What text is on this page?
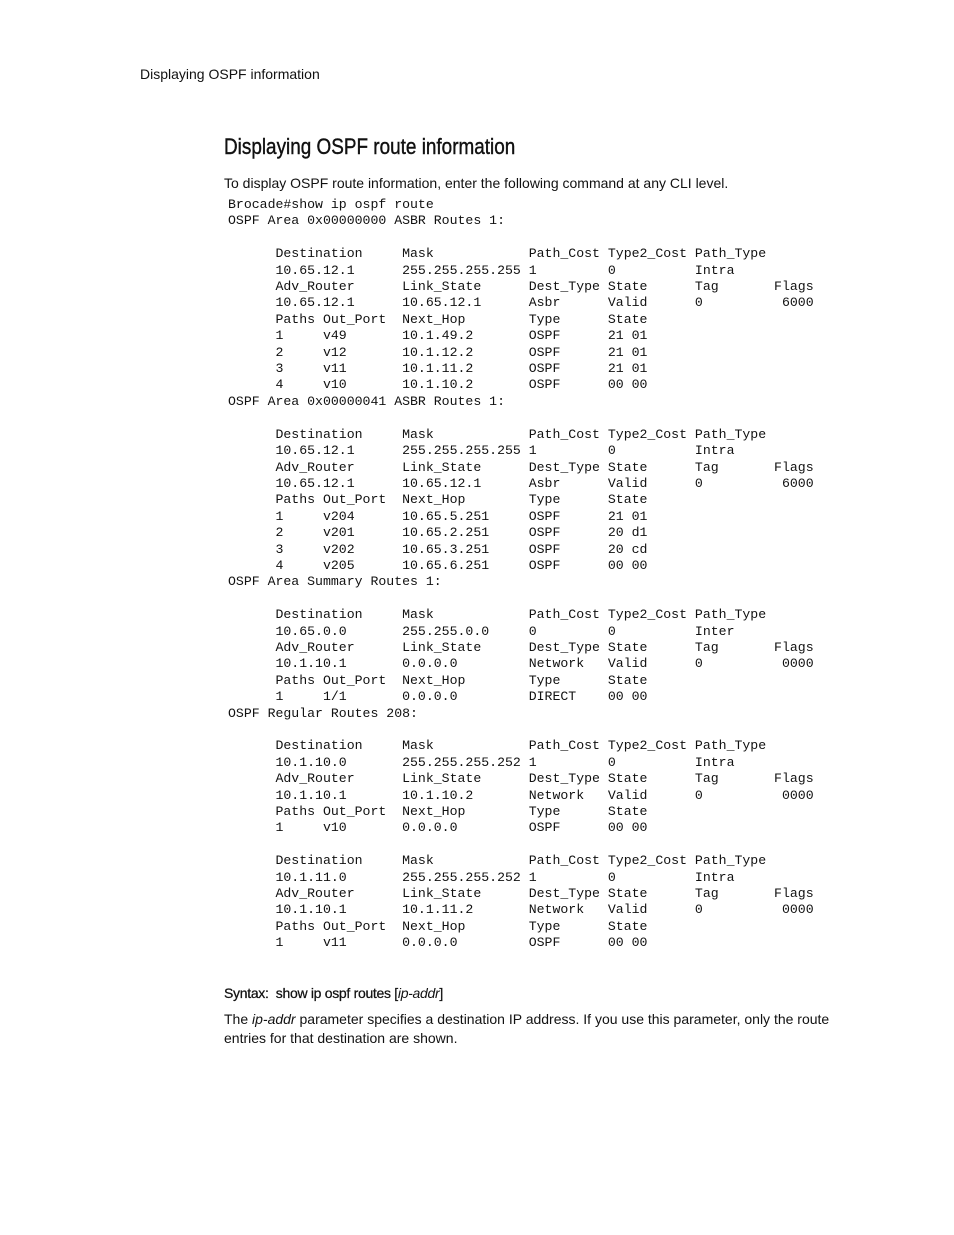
Displaying OSPF information
Displaying OSPF route information

To display OSPF route information, enter the following command at any CLI level.

Brocade#show ip ospf route
OSPF Area 0x00000000 ASBR Routes 1:

Destination     Mask            Path_Cost Type2_Cost Path_Type
10.65.12.1      255.255.255.255 1         0          Intra
Adv_Router      Link_State      Dest_Type State      Tag       Flags
10.65.12.1      10.65.12.1      Asbr      Valid      0          6000
Paths Out_Port  Next_Hop        Type      State
1     v49       10.1.49.2       OSPF      21 01
2     v12       10.1.12.2       OSPF      21 01
3     v11       10.1.11.2       OSPF      21 01
4     v10       10.1.10.2       OSPF      00 00
OSPF Area 0x00000041 ASBR Routes 1:

Destination     Mask            Path_Cost Type2_Cost Path_Type
10.65.12.1      255.255.255.255 1         0          Intra
Adv_Router      Link_State      Dest_Type State      Tag       Flags
10.65.12.1      10.65.12.1      Asbr      Valid      0          6000
Paths Out_Port  Next_Hop        Type      State
1     v204      10.65.5.251     OSPF      21 01
2     v201      10.65.2.251     OSPF      20 d1
3     v202      10.65.3.251     OSPF      20 cd
4     v205      10.65.6.251     OSPF      00 00
OSPF Area Summary Routes 1:

Destination     Mask            Path_Cost Type2_Cost Path_Type
10.65.0.0       255.255.0.0     0         0          Inter
Adv_Router      Link_State      Dest_Type State      Tag       Flags
10.1.10.1       0.0.0.0         Network   Valid      0          0000
Paths Out_Port  Next_Hop        Type      State
1     1/1       0.0.0.0         DIRECT    00 00
OSPF Regular Routes 208:

Destination     Mask            Path_Cost Type2_Cost Path_Type
10.1.10.0       255.255.255.252 1         0          Intra
Adv_Router      Link_State      Dest_Type State      Tag       Flags
10.1.10.1       10.1.10.2       Network   Valid      0          0000
Paths Out_Port  Next_Hop        Type      State
1     v10       0.0.0.0         OSPF      00 00

Destination     Mask            Path_Cost Type2_Cost Path_Type
10.1.11.0       255.255.255.252 1         0          Intra
Adv_Router      Link_State      Dest_Type State      Tag       Flags
10.1.10.1       10.1.11.2       Network   Valid      0          0000
Paths Out_Port  Next_Hop        Type      State
1     v11       0.0.0.0         OSPF      00 00

Syntax: show ip ospf routes [ip-addr]

The ip-addr parameter specifies a destination IP address. If you use this parameter, only the route entries for that destination are shown.
